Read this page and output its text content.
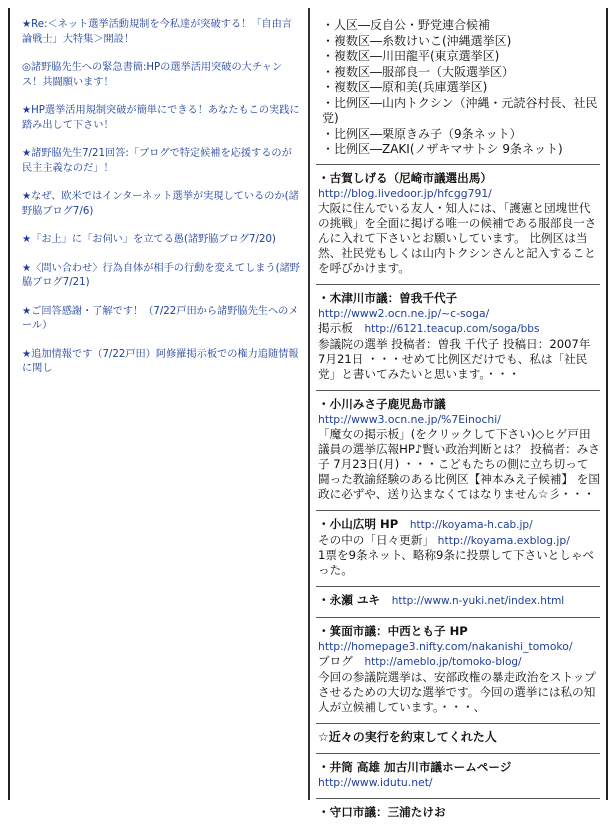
★Re:＜ネット選挙活動規制を今私達が突破する！「自由言論戦士」大特集＞開設！
◎諸野脇先生への緊急書簡:HPの選挙活用突破の大チャンス！共闘願います！
★HP選挙活用規制突破が簡単にできる！あなたもこの実践に踏み出して下さい！
★諸野脇先生7/21回答:「ブログで特定候補を応援するのが民主主義なのだ」！
★なぜ、欧米ではインターネット選挙が実現しているのか(諸野脇ブログ7/6)
★「お上」に「お伺い」を立てる愚(諸野脇ブログ7/20)
★〈問い合わせ〉行為自体が相手の行動を変えてしまう(諸野脇ブログ7/21)
★ご回答感謝・了解です！（7/22戸田から諸野脇先生へのメール）
★追加情報です（7/22戸田）阿修羅掲示板での権力追随情報に関し
・人区―反自公・野党連合候補
・複数区―糸数けいこ(沖縄選挙区)
・複数区―川田龍平(東京選挙区)
・複数区―服部良一（大阪選挙区）
・複数区―原和美(兵庫選挙区)
・比例区―山内トクシン（沖縄・元読谷村長、社民党)
・比例区―栗原きみ子（9条ネット）
・比例区―ZAKI(ノザキマサトシ 9条ネット)
・古賀しげる（尼崎市議選出馬）
http://blog.livedoor.jp/hfcgg791/

大阪に住んでいる友人・知人には、「護憲と団塊世代の挑戦」を全面に掲げる唯一の候補である服部良一さんに入れて下さいとお願いしています。 比例区は当然、社民党もしくは山内トクシンさんと記入することを呼びかけます。

・木津川市議：曽我千代子
http://www2.ocn.ne.jp/~c-soga/
掲示板 http://6121.teacup.com/soga/bbs

参議院の選挙 投稿者：曽我 千代子 投稿日：2007年 7月21日 ・・・せめて比例区だけでも、私は「社民党」と書いてみたいと思います。・・・

・小川みさ子鹿児島市議
http://www3.ocn.ne.jp/%7Einochi/

「魔女の掲示板」(をクリックして下さい)◇ヒゲ戸田議員の選挙広報HP♪賢い政治判断とは？ 投稿者：みさ子 7月23日(月) ・・・こどもたちの側に立ち切って闘った教諭経験のある比例区【神本みえ子候補】 を国政に必ずや、送り込まなくてはなりません☆彡・・・

・小山広明 HP http://koyama-h.cab.jp/
その中の「日々更新」 http://koyama.exblog.jp/

1票を9条ネット、略称9条に投票して下さいとしゃべった。

・永瀬 ユキ http://www.n-yuki.net/index.html
・箕面市議：中西とも子 HP
http://homepage3.nifty.com/nakanishi_tomoko/
ブログ http://ameblo.jp/tomoko-blog/

今回の参議院選挙は、安部政権の暴走政治をストップさせるための大切な選挙です。今回の選挙には私の知人が立候補しています。・・・、

☆近々の実行を約束してくれた人
・井筒 高雄 加古川市議ホームページ
http://www.idutu.net/
・守口市議：三浦たけお
